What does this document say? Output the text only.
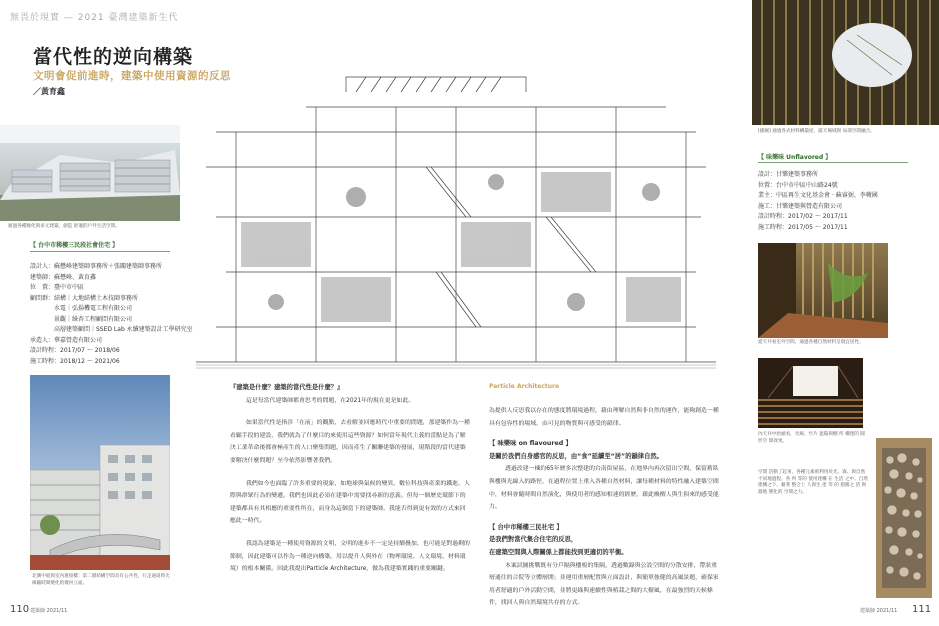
無畏於現實 — 2021 臺灣建築新生代
當代性的逆向構築
文明會促前進時，建築中使用資源的反思
／黃育鑫
通過各種綠化與多元建築，創造 舒適的戶外生活空間。
【 台中市稀樓三民段社會住宅 】
設計人：蘇懋峰建築師事務所＋張關建築師事務所
建築師：蘇懋峰、黃育鑫
位　置：臺中市中區
顧問群：結構｜大地結構土木技師事務所
　　　　水電｜弘揚機電工程有限公司
　　　　景觀｜綠杏工程顧問有限公司
　　　　高層建築顧問｜SSED Lab 永續建築設計工學研究室
承造人：華嘉營造有限公司
設計時程：2017/07 ～ 2018/06
施工時程：2018/12 ～ 2021/06
北側中庭與室內連接橋：第二層結構空間具有公共性，行走通道時光線隨時間變化的幾何立面。

『建築是什麼？建築的當代性是什麼？』

這是每當代建築師都會思考的問題，在2021年的現在更是如此。

如果當代性是指涉「在前」的觀點，去看解並回應時代中重要的問題，那建築作為一種看顧手段的建設，我們就為了什麼目的來使用這些資源？如何當年現代主義的當點是為了解決工業革命後都會極產生的人口聚集問題，因而產生了關聯建築的發展，現階段的當代建築要解決什麼問題？至今依然影響著我們。

我們如今也面臨了許多重要的現象，如地球與氣候的變異、數位科技與產業的鐵進、人際與群眾行為的變遷。我們也因此必須在建築中需要找尋新的意義。但每一個歷史環節下的建築都具有其相應的重要性所在，而身為這個當下的建築師，我能否得到更有效的方式來回應此一時代。

我認為建築是一種使用資源的文明，文明的進步不一定是持續疊加，也可能是對過剩的節制，因此建築可以作為一種逆向構築，用以提升人與外在（物理環境、人文環境、材料環境）的根本關係。因此我提出Particle Architecture，做為我建築實踐的重要關鍵。

Particle Architecture

為提供人反思我以存在的態度將環境過程，藉由理解自然與非自然的運作，能夠創造一種具有包容性的場域，由可見的物質與可感受的韻律。

【 味樂味 on flavoured 】

是關於我們自身感官的反思，由“食”延續至“居”的韻律自然。

透過改建一棟約65年歷多次整建的台南街屋區，在地界內再次留出空間，保留舊臥與樓與光線入的路徑，在過程位置上重入各種自然材料，讓每種材料的特性融入建築空間中，材料會隨時間自然演化，與使用者的感知相連的經歷，藉此喚醒人與生俱來的感受能力。

【 台中市稀樓三民社宅 】

是我們對當代集合住宅的反思，

在建築空間與人際關係上都能找到更適切的平衡。

本案試圖挑戰既有分戶隔與樓板的集隔，透過數錄與公設空間的分散安排，帶狀重層通往的合院等立體層開；並運用重層配置與立面設計，與簡單強健的高風景題，確保家用者舒適的戶外活動空間，並將更綠與連續性與植栽之間的大樹風，在最強烈的天候條件，找回人與自然環境共存的方式。

[插圖] 通過各式材料構築屋，露天場域與 局部空間融合。
【 味樂味 Unflavored 】
設計：甘樂建築事務所
位置：台中市中區中山路24號
業主：中區再生文化基金會 · 蘇睿弼、李蘋國
施工：甘樂建築與營造有限公司
設計時程：2017/02 ～ 2017/11
施工時程：2017/05 ～ 2017/11
從天井看室外空間，通過各種自然材料呈現宜居性。
內天井中抬頭看，光線、竹片 遮陽與棚 所 構建的 圓形空 間效果。
空間 活動了起來，各種元素被利用於光、森、與自然 不同地過程。各 所 等的 使用建構 在 生活 之中。自然建構之下，藉著 整合上 人與生 產 等 的 週圍之 活 與 週地 變化的 空間之力。
110 建築師 2021/11	建築師 2021/11 111
